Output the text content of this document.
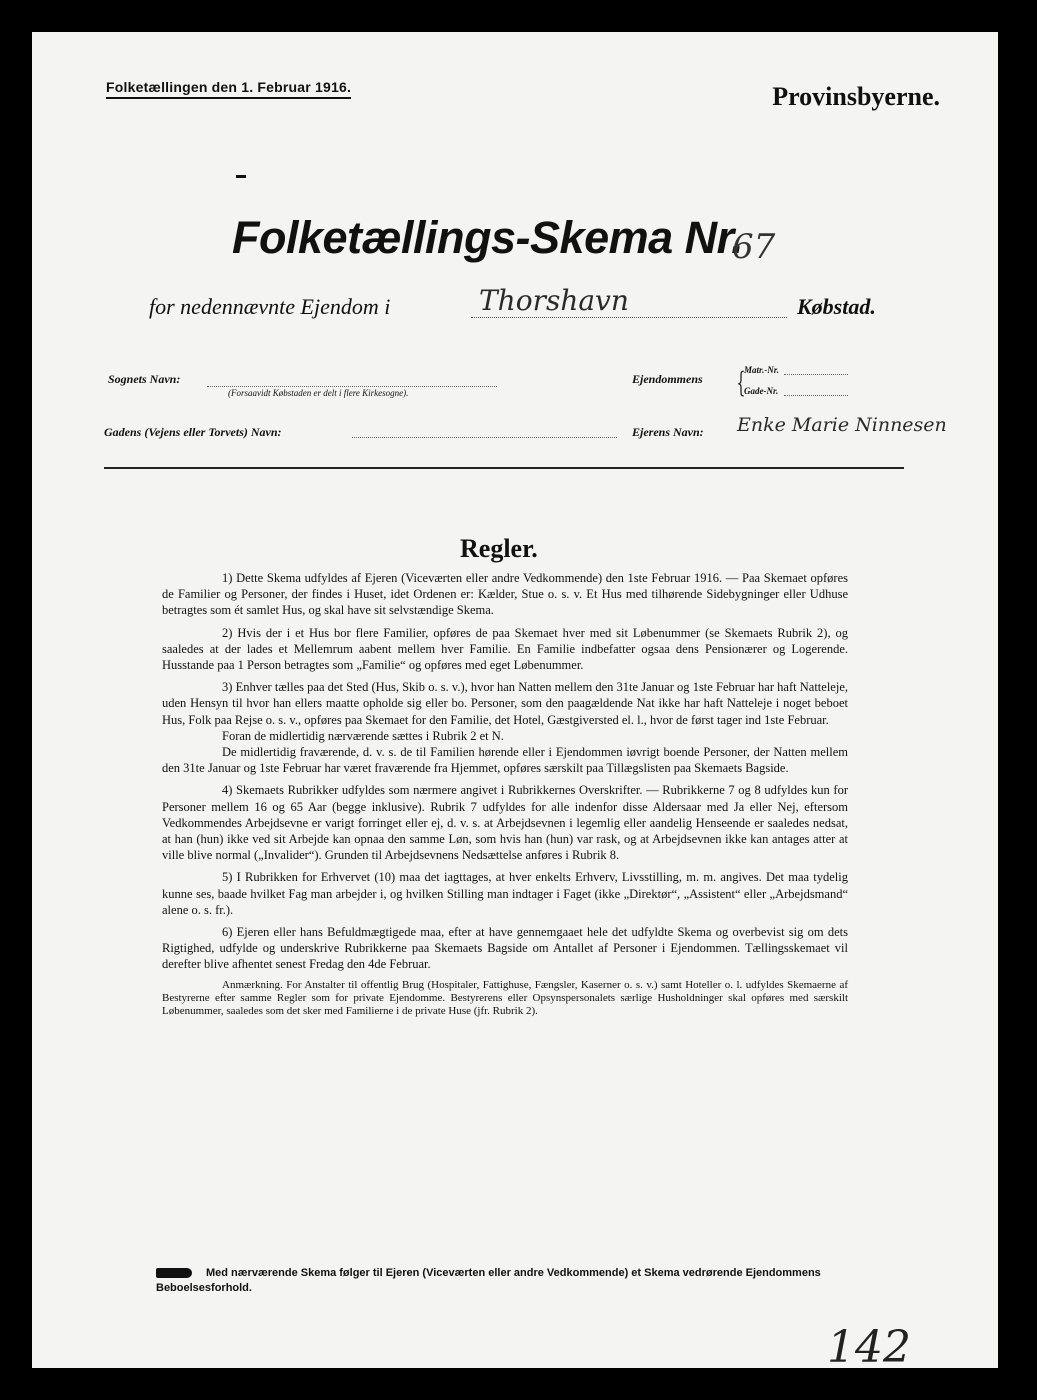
Folketællingen den 1. Februar 1916.	Provinsbyerne.
Folketællings-Skema Nr.
67
for nedennævnte Ejendom i	Thorshavn	Købstad.
Sognets Navn:
(Forsaavidt Købstaden er delt i flere Kirkesogne).
Ejendommens {
Matr.-Nr.
Gade-Nr.
Gadens (Vejens eller Torvets) Navn:	Ejerens Navn: Enke Marie Ninnesen
Regler.

1) Dette Skema udfyldes af Ejeren (Viceværten eller andre Vedkommende) den 1ste Februar 1916. — Paa Skemaet opføres de Familier og Personer, der findes i Huset, idet Ordenen er: Kælder, Stue o. s. v. Et Hus med tilhørende Sidebygninger eller Udhuse betragtes som ét samlet Hus, og skal have sit selvstændige Skema.

2) Hvis der i et Hus bor flere Familier, opføres de paa Skemaet hver med sit Løbenummer (se Skemaets Rubrik 2), og saaledes at der lades et Mellemrum aabent mellem hver Familie. En Familie indbefatter ogsaa dens Pensionærer og Logerende. Husstande paa 1 Person betragtes som „Familie“ og opføres med eget Løbenummer.

3) Enhver tælles paa det Sted (Hus, Skib o. s. v.), hvor han Natten mellem den 31te Januar og 1ste Februar har haft Natteleje, uden Hensyn til hvor han ellers maatte opholde sig eller bo. Personer, som den paagældende Nat ikke har haft Natteleje i noget beboet Hus, Folk paa Rejse o. s. v., opføres paa Skemaet for den Familie, det Hotel, Gæstgiversted el. l., hvor de først tager ind 1ste Februar.

Foran de midlertidig nærværende sættes i Rubrik 2 et N.

De midlertidig fraværende, d. v. s. de til Familien hørende eller i Ejendommen iøvrigt boende Personer, der Natten mellem den 31te Januar og 1ste Februar har været fraværende fra Hjemmet, opføres særskilt paa Tillægslisten paa Skemaets Bagside.

4) Skemaets Rubrikker udfyldes som nærmere angivet i Rubrikkernes Overskrifter. — Rubrikkerne 7 og 8 udfyldes kun for Personer mellem 16 og 65 Aar (begge inklusive). Rubrik 7 udfyldes for alle indenfor disse Aldersaar med Ja eller Nej, eftersom Vedkommendes Arbejdsevne er varigt forringet eller ej, d. v. s. at Arbejdsevnen i legemlig eller aandelig Henseende er saaledes nedsat, at han (hun) ikke ved sit Arbejde kan opnaa den samme Løn, som hvis han (hun) var rask, og at Arbejdsevnen ikke kan antages atter at ville blive normal („Invalider“). Grunden til Arbejdsevnens Nedsættelse anføres i Rubrik 8.

5) I Rubrikken for Erhvervet (10) maa det iagttages, at hver enkelts Erhverv, Livsstilling, m. m. angives. Det maa tydelig kunne ses, baade hvilket Fag man arbejder i, og hvilken Stilling man indtager i Faget (ikke „Direktør“, „Assistent“ eller „Arbejdsmand“ alene o. s. fr.).

6) Ejeren eller hans Befuldmægtigede maa, efter at have gennemgaaet hele det udfyldte Skema og overbevist sig om dets Rigtighed, udfylde og underskrive Rubrikkerne paa Skemaets Bagside om Antallet af Personer i Ejendommen. Tællingsskemaet vil derefter blive afhentet senest Fredag den 4de Februar.

Anmærkning. For Anstalter til offentlig Brug (Hospitaler, Fattighuse, Fængsler, Kaserner o. s. v.) samt Hoteller o. l. udfyldes Skemaerne af Bestyrerne efter samme Regler som for private Ejendomme. Bestyrerens eller Opsynspersonalets særlige Husholdninger skal opføres med særskilt Løbenummer, saaledes som det sker med Familierne i de private Huse (jfr. Rubrik 2).

Med nærværende Skema følger til Ejeren (Viceværten eller andre Vedkommende) et Skema vedrørende Ejendommens Beboelsesforhold.
142
